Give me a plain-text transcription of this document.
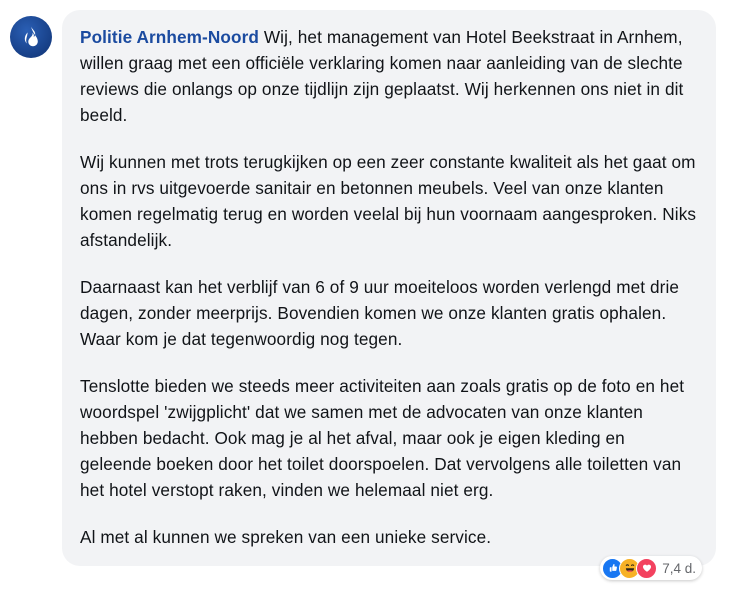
Politie Arnhem-Noord Wij, het management van Hotel Beekstraat in Arnhem, willen graag met een officiële verklaring komen naar aanleiding van de slechte reviews die onlangs op onze tijdlijn zijn geplaatst. Wij herkennen ons niet in dit beeld.

Wij kunnen met trots terugkijken op een zeer constante kwaliteit als het gaat om ons in rvs uitgevoerde sanitair en betonnen meubels. Veel van onze klanten komen regelmatig terug en worden veelal bij hun voornaam aangesproken. Niks afstandelijk.

Daarnaast kan het verblijf van 6 of 9 uur moeiteloos worden verlengd met drie dagen, zonder meerprijs. Bovendien komen we onze klanten gratis ophalen. Waar kom je dat tegenwoordig nog tegen.

Tenslotte bieden we steeds meer activiteiten aan zoals gratis op de foto en het woordspel 'zwijgplicht' dat we samen met de advocaten van onze klanten hebben bedacht. Ook mag je al het afval, maar ook je eigen kleding en geleende boeken door het toilet doorspoelen. Dat vervolgens alle toiletten van het hotel verstopt raken, vinden we helemaal niet erg.

Al met al kunnen we spreken van een unieke service.

7,4 d.
